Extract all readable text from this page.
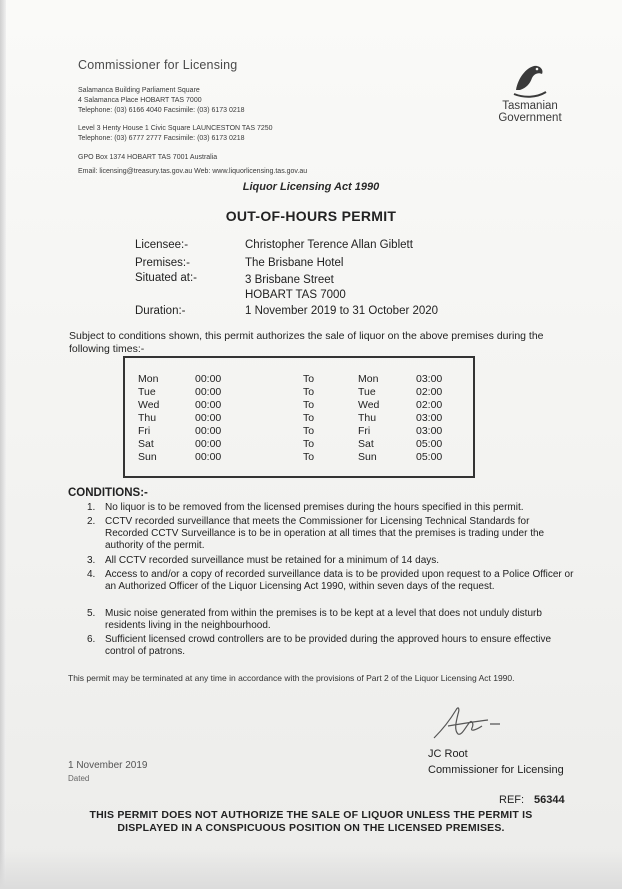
Commissioner for Licensing
Salamanca Building Parliament Square
4 Salamanca Place HOBART TAS 7000
Telephone: (03) 6166 4040 Facsimile: (03) 6173 0218
Level 3 Henty House 1 Civic Square LAUNCESTON TAS 7250
Telephone: (03) 6777 2777 Facsimile: (03) 6173 0218
GPO Box 1374 HOBART TAS 7001 Australia
Email: licensing@treasury.tas.gov.au Web: www.liquorlicensing.tas.gov.au
Tasmanian
Government
Liquor Licensing Act 1990
OUT-OF-HOURS PERMIT
Licensee:-	Christopher Terence Allan Giblett
Premises:-	The Brisbane Hotel
Situated at:-	3 Brisbane Street
HOBART TAS 7000
Duration:-	1 November 2019 to 31 October 2020
Subject to conditions shown, this permit authorizes the sale of liquor on the above premises during the following times:-
Mon	00:00	To	Mon	03:00
Tue	00:00	To	Tue	02:00
Wed	00:00	To	Wed	02:00
Thu	00:00	To	Thu	03:00
Fri	00:00	To	Fri	03:00
Sat	00:00	To	Sat	05:00
Sun	00:00	To	Sun	05:00
CONDITIONS:-
1. No liquor is to be removed from the licensed premises during the hours specified in this permit.
2. CCTV recorded surveillance that meets the Commissioner for Licensing Technical Standards for Recorded CCTV Surveillance is to be in operation at all times that the premises is trading under the authority of the permit.
3. All CCTV recorded surveillance must be retained for a minimum of 14 days.
4. Access to and/or a copy of recorded surveillance data is to be provided upon request to a Police Officer or an Authorized Officer of the Liquor Licensing Act 1990, within seven days of the request.
5. Music noise generated from within the premises is to be kept at a level that does not unduly disturb residents living in the neighbourhood.
6. Sufficient licensed crowd controllers are to be provided during the approved hours to ensure effective control of patrons.
This permit may be terminated at any time in accordance with the provisions of Part 2 of the Liquor Licensing Act 1990.
JC Root
Commissioner for Licensing
1 November 2019
Dated
REF: 56344
THIS PERMIT DOES NOT AUTHORIZE THE SALE OF LIQUOR UNLESS THE PERMIT IS
DISPLAYED IN A CONSPICUOUS POSITION ON THE LICENSED PREMISES.
